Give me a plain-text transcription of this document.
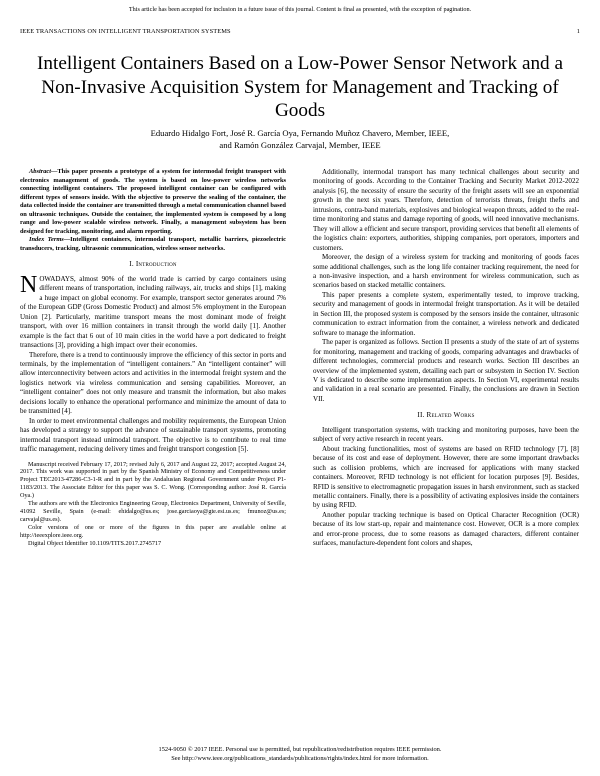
This article has been accepted for inclusion in a future issue of this journal. Content is final as presented, with the exception of pagination.
IEEE TRANSACTIONS ON INTELLIGENT TRANSPORTATION SYSTEMS	1
Intelligent Containers Based on a Low-Power Sensor Network and a Non-Invasive Acquisition System for Management and Tracking of Goods
Eduardo Hidalgo Fort, José R. García Oya, Fernando Muñoz Chavero, Member, IEEE,
and Ramón González Carvajal, Member, IEEE

Abstract—This paper presents a prototype of a system for intermodal freight transport with electronics management of goods. The system is based on low-power wireless networks connecting intelligent containers. The proposed intelligent container can be configured with different types of sensors inside. With the objective to preserve the sealing of the container, the data collected inside the container are transmitted through a metal communication channel based on ultrasonic techniques. Outside the container, the implemented system is composed by a long range and low-power scalable wireless network. Finally, a management subsystem has been designed for tracking, monitoring, and alarm reporting.

Index Terms—Intelligent containers, intermodal transport, metallic barriers, piezoelectric transducers, tracking, ultrasonic communication, wireless sensor networks.

I. Introduction

NOWADAYS, almost 90% of the world trade is carried by cargo containers using different means of transportation, including railways, air, trucks and ships [1], making a huge impact on global economy. For example, transport sector generates around 7% of the European GDP (Gross Domestic Product) and almost 5% employment in the European Union [2]. Particularly, maritime transport means the most dominant mode of freight transport, with over 16 million containers in transit through the world daily [1]. Another example is the fact that 6 out of 10 main cities in the world have a port dedicated to freight transactions [3], providing a high impact over their economies.

Therefore, there is a trend to continuously improve the efficiency of this sector in ports and terminals, by the implementation of “intelligent containers.” An “intelligent container” will allow interconnectivity between actors and activities in the intermodal freight system and the logistics network via wireless communication and sensing capabilities. Moreover, an “intelligent container” does not only measure and transmit the information, but also makes decisions locally to enhance the operational performance and minimize the amount of data to be transmitted [4].

In order to meet environmental challenges and mobility requirements, the European Union has developed a strategy to support the advance of sustainable transport systems, promoting intermodal transport instead unimodal transport. The objective is to contribute to real time traffic management, reducing delivery times and freight transport congestion [5].

Manuscript received February 17, 2017; revised July 6, 2017 and August 22, 2017; accepted August 24, 2017. This work was supported in part by the Spanish Ministry of Economy and Competitiveness under Project TEC2013-47286-C3-1-R and in part by the Andalusian Regional Government under Project P1-1183/2013. The Associate Editor for this paper was S. C. Wong. (Corresponding author: José R. García Oya.)

The authors are with the Electronics Engineering Group, Electronics Department, University of Seville, 41092 Seville, Spain (e-mail: ehidalgo@us.es; jose.garciaoya@gte.esi.us.es; fmunoz@us.es; carvajal@us.es).

Color versions of one or more of the figures in this paper are available online at http://ieeexplore.ieee.org.

Digital Object Identifier 10.1109/TITS.2017.2745717

Additionally, intermodal transport has many technical challenges about security and monitoring of goods. According to the Container Tracking and Security Market 2012-2022 analysis [6], the necessity of ensure the security of the freight assets will see an exponential growth in the next six years. Therefore, detection of terrorists threats, freight thefts and intrusions, contra-band materials, explosives and biological weapon threats, added to the real-time monitoring and status and damage reporting of goods, will need innovative mechanisms. They will allow a efficient and secure transport, providing services that benefit all elements of the logistics chain: exporters, authorities, shipping companies, port operators, importers and customers.

Moreover, the design of a wireless system for tracking and monitoring of goods faces some additional challenges, such as the long life container tracking requirement, the need for a non-invasive inspection, and a harsh environment for wireless communication, such as scenarios based on stacked metallic containers.

This paper presents a complete system, experimentally tested, to improve tracking, security and management of goods in intermodal freight transportation. As it will be detailed in Section III, the proposed system is composed by the sensors inside the container, ultrasonic communication to extract information from the container, a wireless network and dedicated software to manage the information.

The paper is organized as follows. Section II presents a study of the state of art of systems for monitoring, management and tracking of goods, comparing advantages and drawbacks of different technologies, commercial products and research works. Section III describes an overview of the implemented system, detailing each part or subsystem in Section IV. Section V is dedicated to describe some implementation aspects. In Section VI, experimental results and validation in a real scenario are presented. Finally, the conclusions are drawn in Section VII.

II. Related Works

Intelligent transportation systems, with tracking and monitoring purposes, have been the subject of very active research in recent years.

About tracking functionalities, most of systems are based on RFID technology [7], [8] because of its cost and ease of deployment. However, there are some important drawbacks such as collision problems, which are increased for applications with many stacked containers. Moreover, RFID technology is not efficient for location purposes [9]. Besides, RFID is sensitive to electromagnetic propagation issues in harsh environment, such as stacked metallic containers. Finally, there is a possibility of activating explosives inside the containers by using RFID.

Another popular tracking technique is based on Optical Character Recognition (OCR) because of its low start-up, repair and maintenance cost. However, OCR is a more complex and error-prone process, due to some reasons as damaged characters, different container surfaces, manufacture-dependent font colors and shapes,

1524-9050 © 2017 IEEE. Personal use is permitted, but republication/redistribution requires IEEE permission.
See http://www.ieee.org/publications_standards/publications/rights/index.html for more information.
